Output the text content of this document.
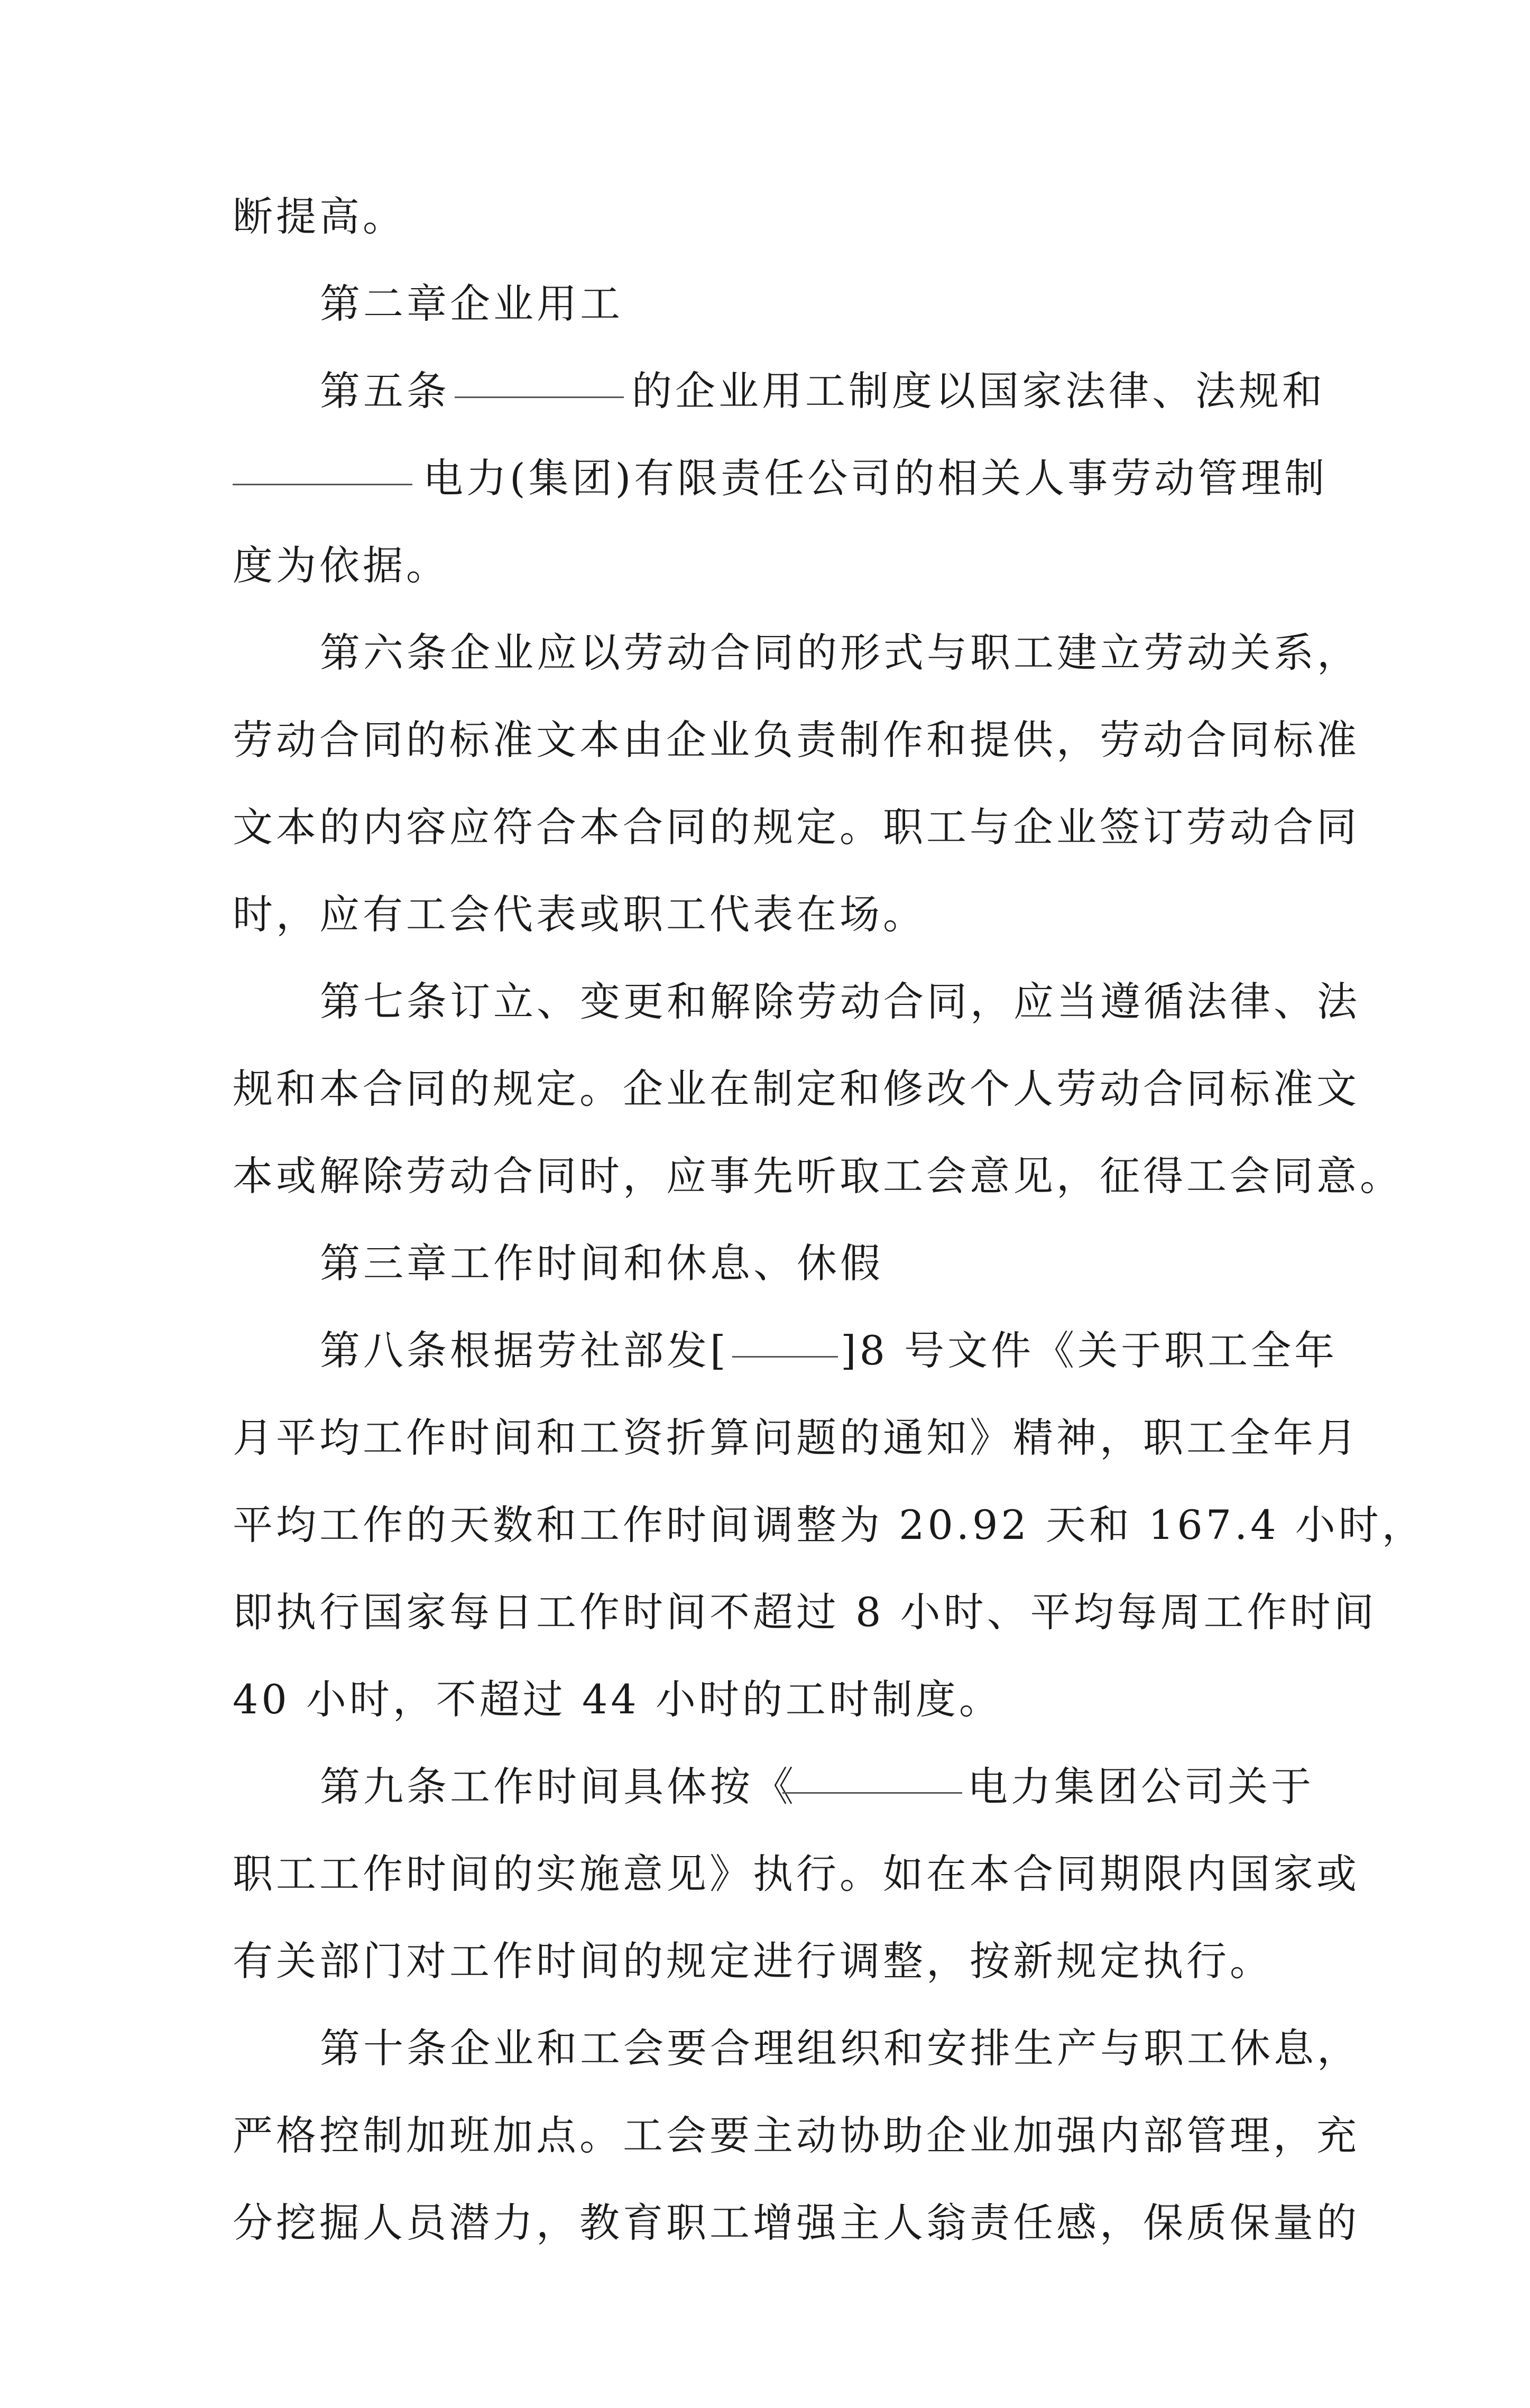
断提高。

第二章企业用工

第五条

	的企业用工制度以国家法律、法规和

电力(集团)有限责任公司的相关人事劳动管理制

度为依据。

第六条企业应以劳动合同的形式与职工建立劳动关系，

劳动合同的标准文本由企业负责制作和提供，劳动合同标准

文本的内容应符合本合同的规定。职工与企业签订劳动合同

时，应有工会代表或职工代表在场。

第七条订立、变更和解除劳动合同，应当遵循法律、法

规和本合同的规定。企业在制定和修改个人劳动合同标准文

本或解除劳动合同时，应事先听取工会意见，征得工会同意。

第三章工作时间和休息、休假

第八条根据劳社部发[

	]8 号文件《关于职工全年

月平均工作时间和工资折算问题的通知》精神，职工全年月

平均工作的天数和工作时间调整为 20.92 天和 167.4 小时，

即执行国家每日工作时间不超过 8 小时、平均每周工作时间

40 小时，不超过 44 小时的工时制度。

第九条工作时间具体按《

	电力集团公司关于

职工工作时间的实施意见》执行。如在本合同期限内国家或

有关部门对工作时间的规定进行调整，按新规定执行。

第十条企业和工会要合理组织和安排生产与职工休息，

严格控制加班加点。工会要主动协助企业加强内部管理，充

分挖掘人员潜力，教育职工增强主人翁责任感，保质保量的
